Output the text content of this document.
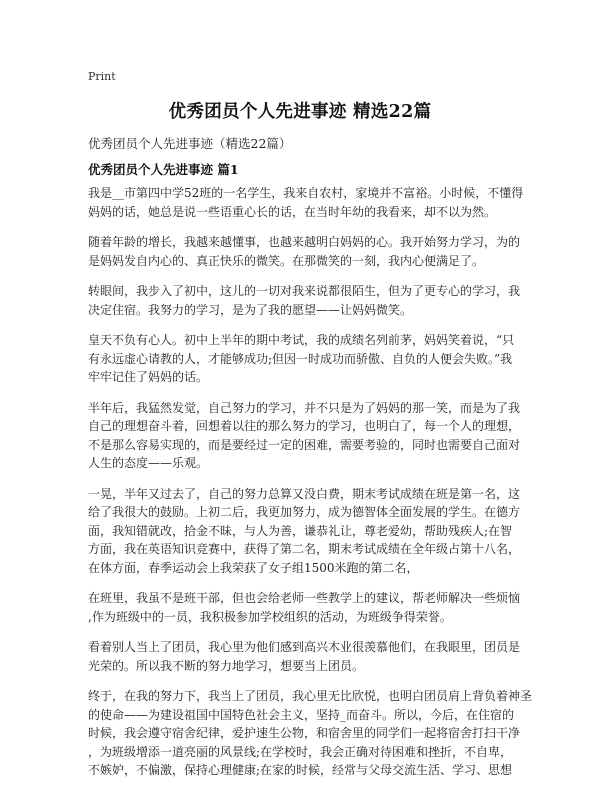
Print
优秀团员个人先进事迹 精选22篇
优秀团员个人先进事迹（精选22篇）
优秀团员个人先进事迹 篇1

我是__市第四中学52班的一名学生，我来自农村，家境并不富裕。小时候，不懂得
妈妈的话，她总是说一些语重心长的话，在当时年幼的我看来，却不以为然。

随着年龄的增长，我越来越懂事，也越来越明白妈妈的心。我开始努力学习，为的
是妈妈发自内心的、真正快乐的微笑。在那微笑的一刻，我内心便满足了。

转眼间，我步入了初中，这儿的一切对我来说都很陌生，但为了更专心的学习，我
决定住宿。我努力的学习，是为了我的愿望——让妈妈微笑。

皇天不负有心人。初中上半年的期中考试，我的成绩名列前茅，妈妈笑着说，“只
有永远虚心请教的人，才能够成功;但因一时成功而骄傲、自负的人便会失败。”我
牢牢记住了妈妈的话。

半年后，我猛然发觉，自己努力的学习，并不只是为了妈妈的那一笑，而是为了我
自己的理想奋斗着，回想着以往的那么努力的学习，也明白了，每一个人的理想，
不是那么容易实现的，而是要经过一定的困难，需要考验的，同时也需要自己面对
人生的态度——乐观。

一晃，半年又过去了，自己的努力总算又没白费，期末考试成绩在班是第一名，这
给了我很大的鼓励。上初二后，我更加努力，成为德智体全面发展的学生。在德方
面，我知错就改，拾金不昧，与人为善，谦恭礼让，尊老爱幼，帮助残疾人;在智
方面，我在英语知识竞赛中，获得了第二名，期末考试成绩在全年级占第十八名，
在体方面，春季运动会上我荣获了女子组1500米跑的第二名，

在班里，我虽不是班干部，但也会给老师一些教学上的建议，帮老师解决一些烦恼
,作为班级中的一员，我积极参加学校组织的活动，为班级争得荣誉。

看着别人当上了团员，我心里为他们感到高兴木业很羡慕他们，在我眼里，团员是
光荣的。所以我不断的努力地学习，想要当上团员。

终于，在我的努力下，我当上了团员，我心里无比欣悦，也明白团员肩上背负着神圣
的使命——为建设祖国中国特色社会主义，坚持_而奋斗。所以，今后，在住宿的
时候，我会遵守宿舍纪律，爱护速生公物，和宿舍里的同学们一起将宿舍打扫干净
，为班级增添一道亮丽的风景线;在学校时，我会正确对待困难和挫折，不自卑，
不嫉妒，不偏激，保持心理健康;在家的时候，经常与父母交流生活、学习、思想
